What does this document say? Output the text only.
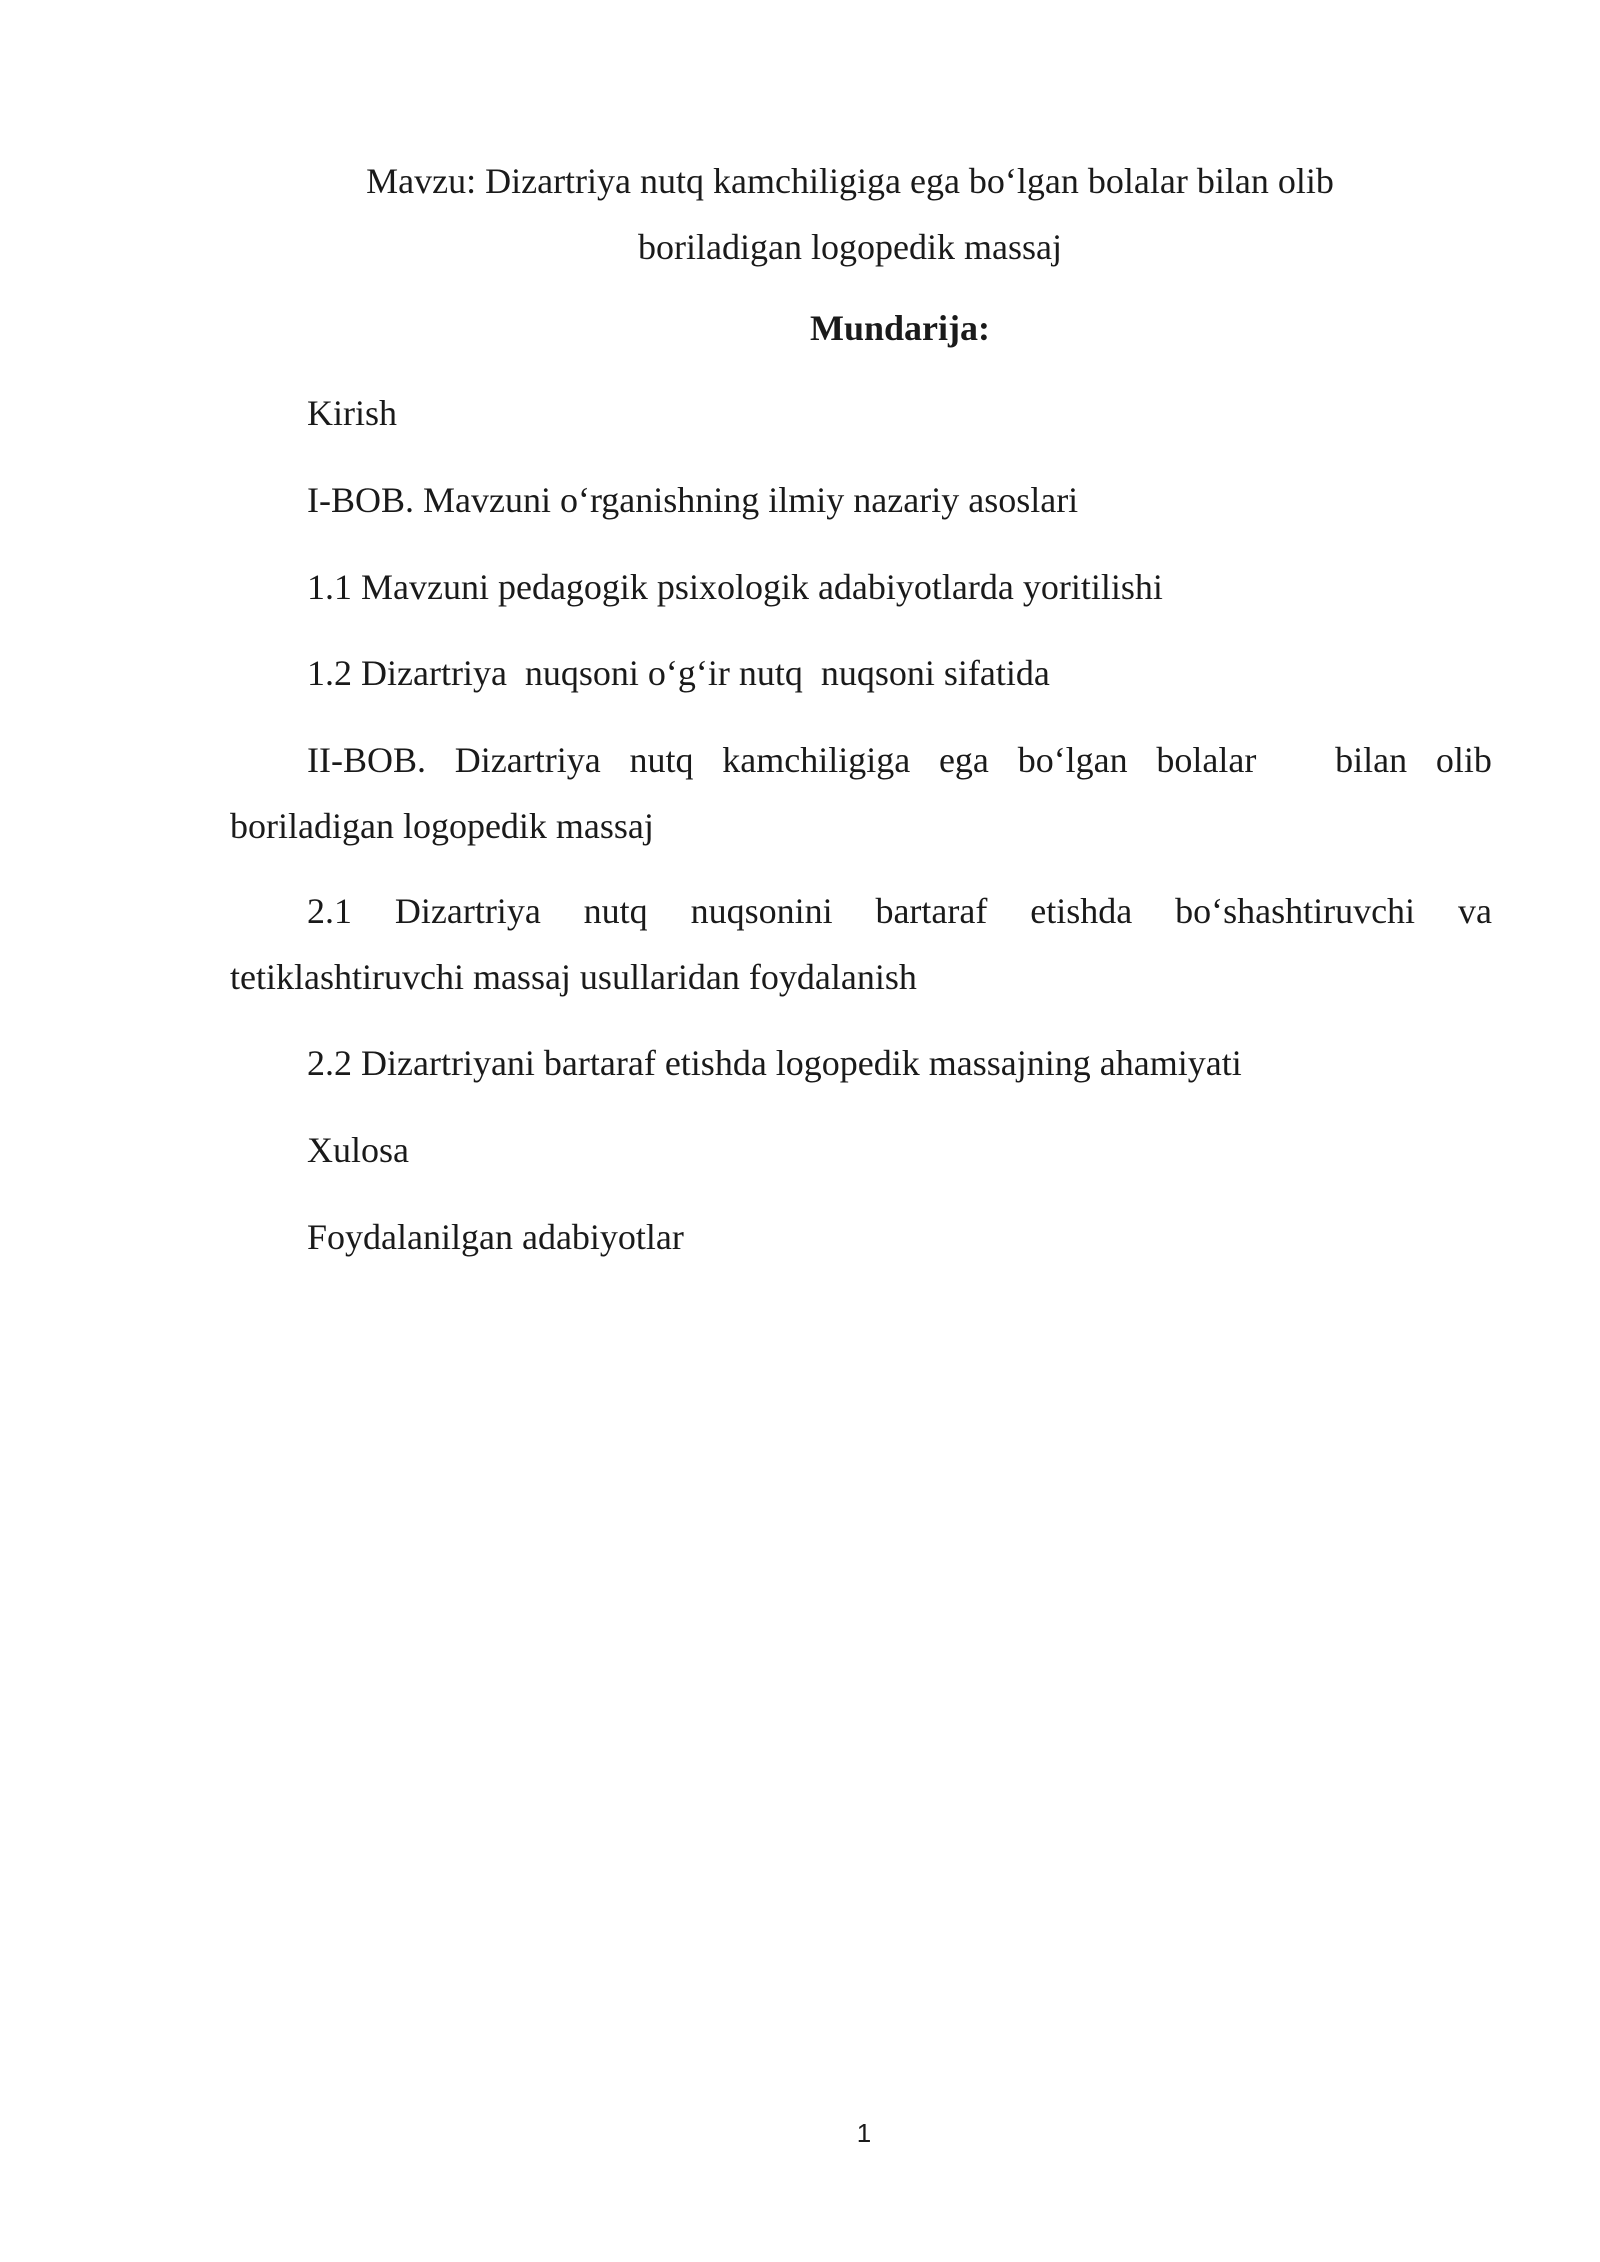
Mavzu: Dizartriya nutq kamchiligiga ega bo‘lgan bolalar bilan olib
boriladigan logopedik massaj
Mundarija:
Kirish
I-BOB. Mavzuni o‘rganishning ilmiy nazariy asoslari
1.1 Mavzuni pedagogik psixologik adabiyotlarda yoritilishi
1.2 Dizartriya  nuqsoni o‘g‘ir nutq  nuqsoni sifatida
II-BOB. Dizartriya nutq kamchiligiga ega bo‘lgan bolalar bilan olib
boriladigan logopedik massaj
2.1 Dizartriya nutq nuqsonini bartaraf etishda bo‘shashtiruvchi va
tetiklashtiruvchi massaj usullaridan foydalanish
2.2 Dizartriyani bartaraf etishda logopedik massajning ahamiyati
Xulosa
Foydalanilgan adabiyotlar
1
